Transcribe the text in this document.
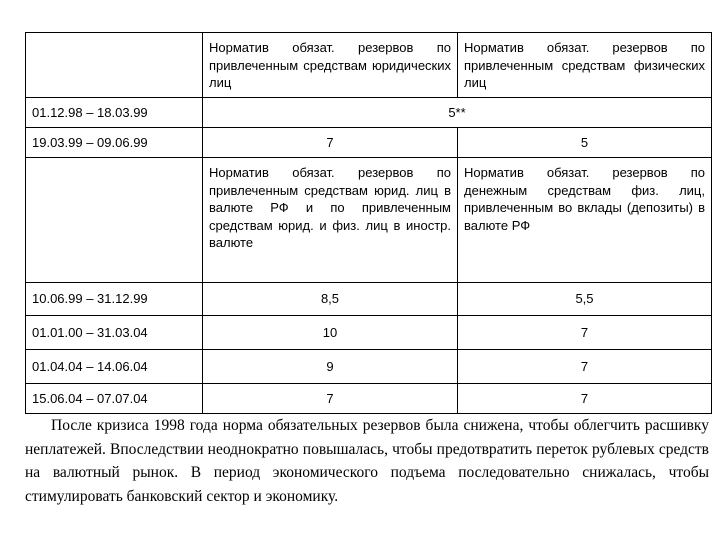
	Норматив обязат. резервов по привлеченным средствам юридических лиц	Норматив обязат. резервов по привлеченным средствам физических лиц
01.12.98 – 18.03.99	5**	
19.03.99 – 09.06.99	7	5
	Норматив обязат. резервов по привлеченным средствам юрид. лиц в валюте РФ и по привлеченным средствам юрид. и физ. лиц в иностр. валюте	Норматив обязат. резервов по денежным средствам физ. лиц, привлеченным во вклады (депозиты) в валюте РФ
10.06.99 – 31.12.99	8,5	5,5
01.01.00 – 31.03.04	10	7
01.04.04 – 14.06.04	9	7
15.06.04 – 07.07.04	7	7

После кризиса 1998 года норма обязательных резервов была снижена, чтобы облегчить расшивку неплатежей. Впоследствии неоднократно повышалась, чтобы предотвратить переток рублевых средств на валютный рынок. В период экономического подъема последовательно снижалась, чтобы стимулировать банковский сектор и экономику.
